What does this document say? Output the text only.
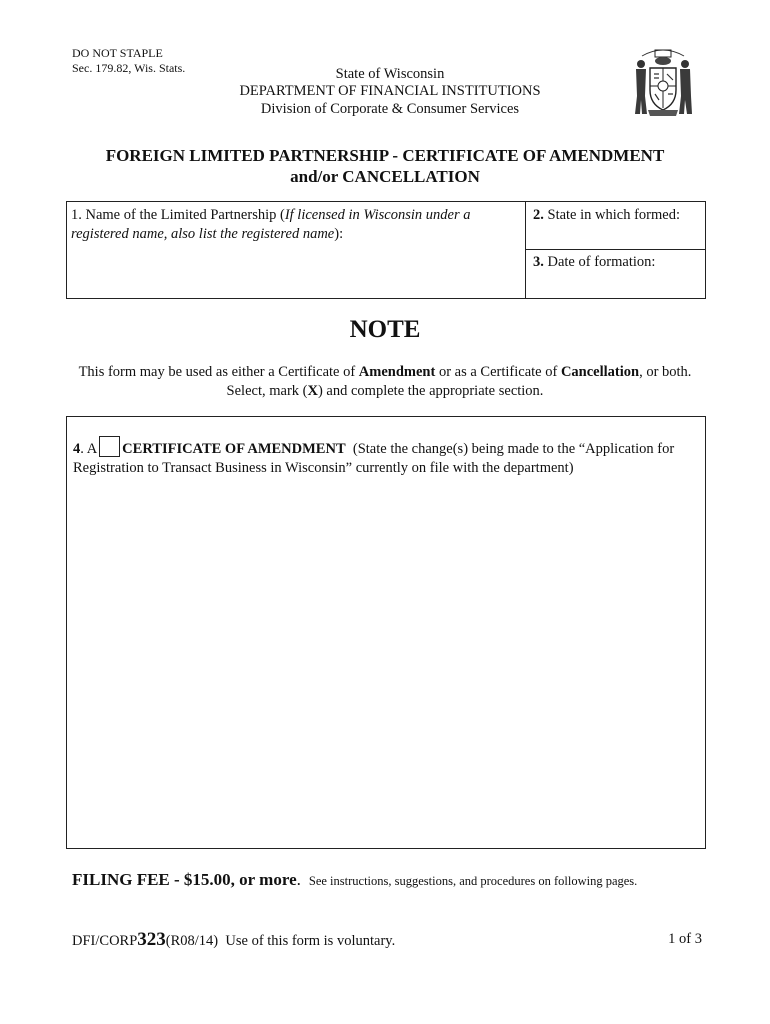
DO NOT STAPLE
Sec. 179.82, Wis. Stats.	State of Wisconsin
DEPARTMENT OF FINANCIAL INSTITUTIONS
Division of Corporate & Consumer Services
FOREIGN LIMITED PARTNERSHIP - CERTIFICATE OF AMENDMENT
and/or CANCELLATION
1. Name of the Limited Partnership (If licensed in Wisconsin under a registered name, also list the registered name):
2. State in which formed:
3. Date of formation:
NOTE
This form may be used as either a Certificate of Amendment or as a Certificate of Cancellation, or both. Select, mark (X) and complete the appropriate section.
4. A CERTIFICATE OF AMENDMENT (State the change(s) being made to the “Application for Registration to Transact Business in Wisconsin” currently on file with the department)
FILING FEE - $15.00, or more. See instructions, suggestions, and procedures on following pages.
DFI/CORP323(R08/14) Use of this form is voluntary.	1 of 3
